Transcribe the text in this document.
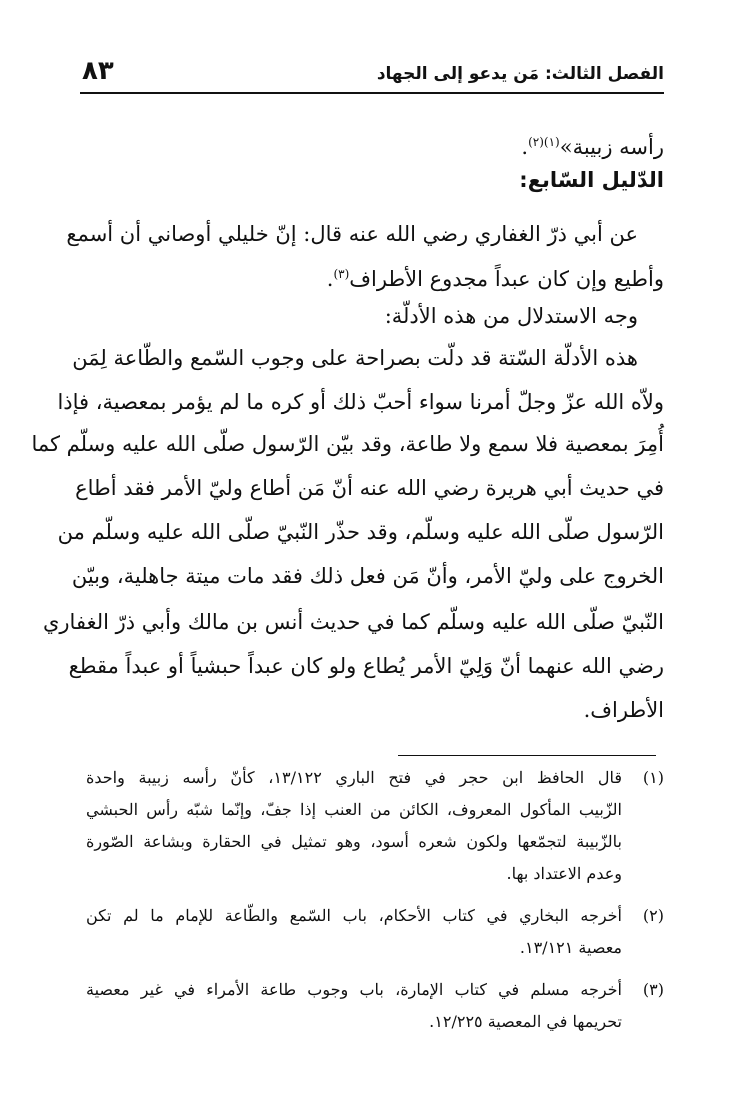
الفصل الثالث: مَن يدعو إلى الجهاد
٨٣
رأسه زبيبة»$^{(١)(٢)}$.
الدّليل السّابع:
عن أبي ذرّ الغفاري رضي الله عنه قال: إنّ خليلي أوصاني أن أسمع
وأطيع وإن كان عبداً مجدوع الأطراف$^{(٣)}$.
وجه الاستدلال من هذه الأدلّة:
هذه الأدلّة السّتة قد دلّت بصراحة على وجوب السّمع والطّاعة لِمَن
ولاّه الله عزّ وجلّ أمرنا سواء أحبّ ذلك أو كره ما لم يؤمر بمعصية، فإذا
أُمِرَ بمعصية فلا سمع ولا طاعة، وقد بيّن الرّسول صلّى الله عليه وسلّم كما
في حديث أبي هريرة رضي الله عنه أنّ مَن أطاع وليّ الأمر فقد أطاع
الرّسول صلّى الله عليه وسلّم، وقد حذّر النّبيّ صلّى الله عليه وسلّم من
الخروج على وليّ الأمر، وأنّ مَن فعل ذلك فقد مات ميتة جاهلية، وبيّن
النّبيّ صلّى الله عليه وسلّم كما في حديث أنس بن مالك وأبي ذرّ الغفاري
رضي الله عنهما أنّ وَلِيّ الأمر يُطاع ولو كان عبداً حبشياً أو عبداً مقطع
الأطراف.
(١)
قال الحافظ ابن حجر في فتح الباري ١٣/١٢٢، كأنّ رأسه زبيبة واحدة
الزّبيب المأكول المعروف، الكائن من العنب إذا جفّ، وإنّما شبّه رأس الحبشي
بالزّبيبة لتجمّعها ولكون شعره أسود، وهو تمثيل في الحقارة وبشاعة الصّورة
وعدم الاعتداد بها.
(٢)
أخرجه البخاري في كتاب الأحكام، باب السّمع والطّاعة للإمام ما لم تكن
معصية ١٣/١٢١.
(٣)
أخرجه مسلم في كتاب الإمارة، باب وجوب طاعة الأمراء في غير معصية
تحريمها في المعصية ١٢/٢٢٥.
